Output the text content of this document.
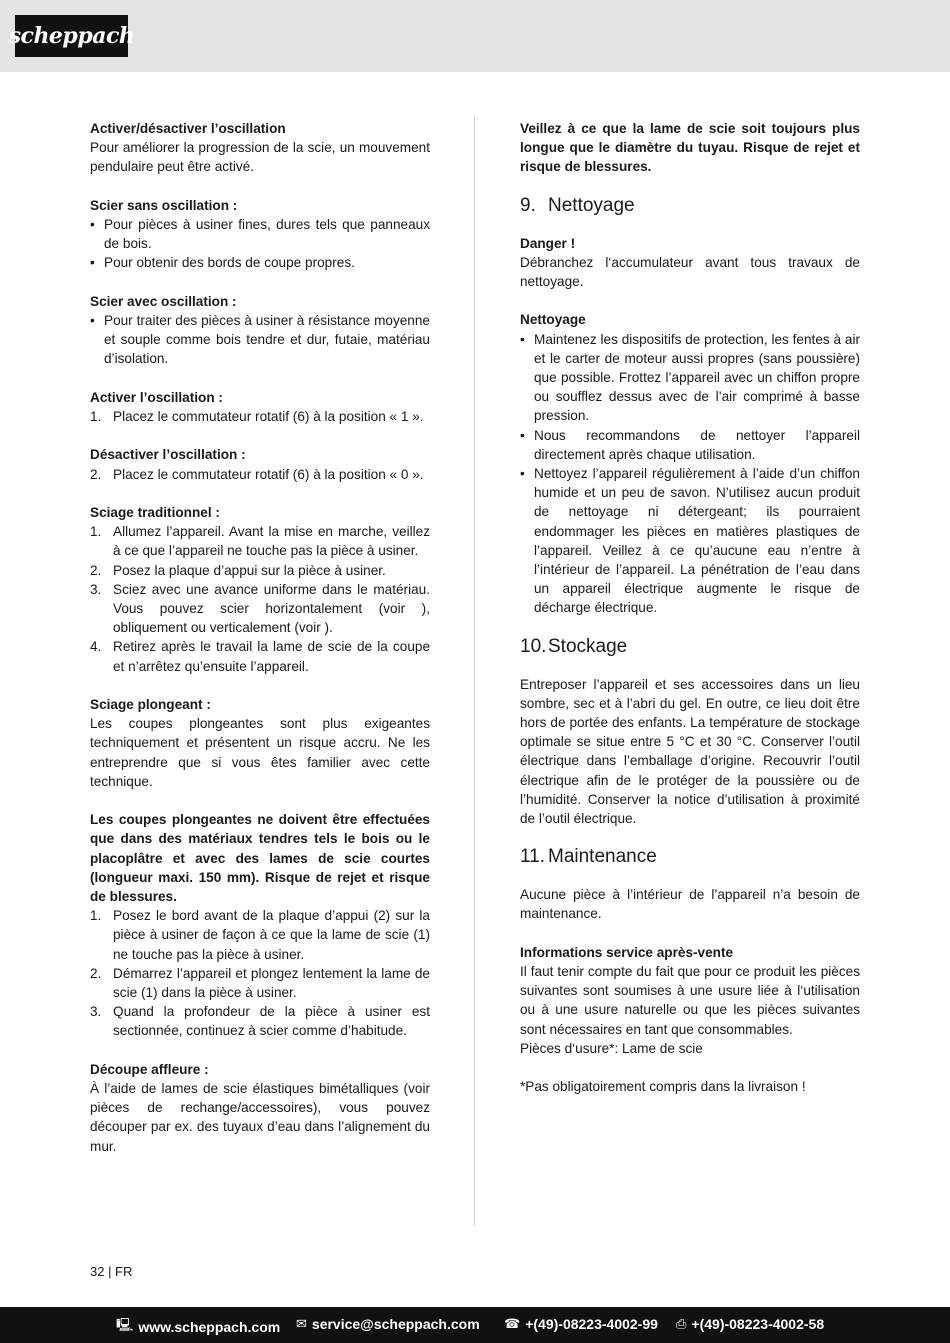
scheppach
Activer/désactiver l’oscillation

Pour améliorer la progression de la scie, un mouvement pendulaire peut être activé.

Scier sans oscillation :
• Pour pièces à usiner fines, dures tels que panneaux de bois.
• Pour obtenir des bords de coupe propres.
Scier avec oscillation :
• Pour traiter des pièces à usiner à résistance moyenne et souple comme bois tendre et dur, futaie, matériau d’isolation.
Activer l’oscillation :
1. Placez le commutateur rotatif (6) à la position « 1 ».
Désactiver l’oscillation :
2. Placez le commutateur rotatif (6) à la position « 0 ».
Sciage traditionnel :
1. Allumez l’appareil. Avant la mise en marche, veillez à ce que l’appareil ne touche pas la pièce à usiner.
2. Posez la plaque d’appui sur la pièce à usiner.
3. Sciez avec une avance uniforme dans le matériau. Vous pouvez scier horizontalement (voir ), obliquement ou verticalement (voir ).
4. Retirez après le travail la lame de scie de la coupe et n’arrêtez qu’ensuite l’appareil.
Sciage plongeant :

Les coupes plongeantes sont plus exigeantes techniquement et présentent un risque accru. Ne les entreprendre que si vous êtes familier avec cette technique.

Les coupes plongeantes ne doivent être effectuées que dans des matériaux tendres tels le bois ou le placoplâtre et avec des lames de scie courtes (longueur maxi. 150 mm). Risque de rejet et risque de blessures.

1. Posez le bord avant de la plaque d’appui (2) sur la pièce à usiner de façon à ce que la lame de scie (1) ne touche pas la pièce à usiner.
2. Démarrez l’appareil et plongez lentement la lame de scie (1) dans la pièce à usiner.
3. Quand la profondeur de la pièce à usiner est sectionnée, continuez à scier comme d’habitude.
Découpe affleure :

À l’aide de lames de scie élastiques bimétalliques (voir pièces de rechange/accessoires), vous pouvez découper par ex. des tuyaux d’eau dans l’alignement du mur.

Veillez à ce que la lame de scie soit toujours plus longue que le diamètre du tuyau. Risque de rejet et risque de blessures.

9. Nettoyage
Danger !

Débranchez l‘accumulateur avant tous travaux de nettoyage.

Nettoyage
• Maintenez les dispositifs de protection, les fentes à air et le carter de moteur aussi propres (sans poussière) que possible. Frottez l’appareil avec un chiffon propre ou soufflez dessus avec de l’air comprimé à basse pression.
• Nous recommandons de nettoyer l’appareil directement après chaque utilisation.
• Nettoyez l’appareil régulièrement à l’aide d’un chiffon humide et un peu de savon. N’utilisez aucun produit de nettoyage ni détergeant; ils pourraient endommager les pièces en matières plastiques de l’appareil. Veillez à ce qu’aucune eau n’entre à l’intérieur de l’appareil. La pénétration de l’eau dans un appareil électrique augmente le risque de décharge électrique.
10. Stockage

Entreposer l’appareil et ses accessoires dans un lieu sombre, sec et à l’abri du gel. En outre, ce lieu doit être hors de portée des enfants. La température de stockage optimale se situe entre 5 °C et 30 °C. Conserver l’outil électrique dans l’emballage d’origine. Recouvrir l’outil électrique afin de le protéger de la poussière ou de l’humidité. Conserver la notice d’utilisation à proximité de l’outil électrique.

11. Maintenance

Aucune pièce à l’intérieur de l’appareil n’a besoin de maintenance.

Informations service après-vente

Il faut tenir compte du fait que pour ce produit les pièces suivantes sont soumises à une usure liée à l‘utilisation ou à une usure naturelle ou que les pièces suivantes sont nécessaires en tant que consommables.

Pièces d‘usure*: Lame de scie

*Pas obligatoirement compris dans la livraison !

32 | FR
🖳 www.scheppach.com ✉ service@scheppach.com ☎ +(49)-08223-4002-99 ⎙ +(49)-08223-4002-58
